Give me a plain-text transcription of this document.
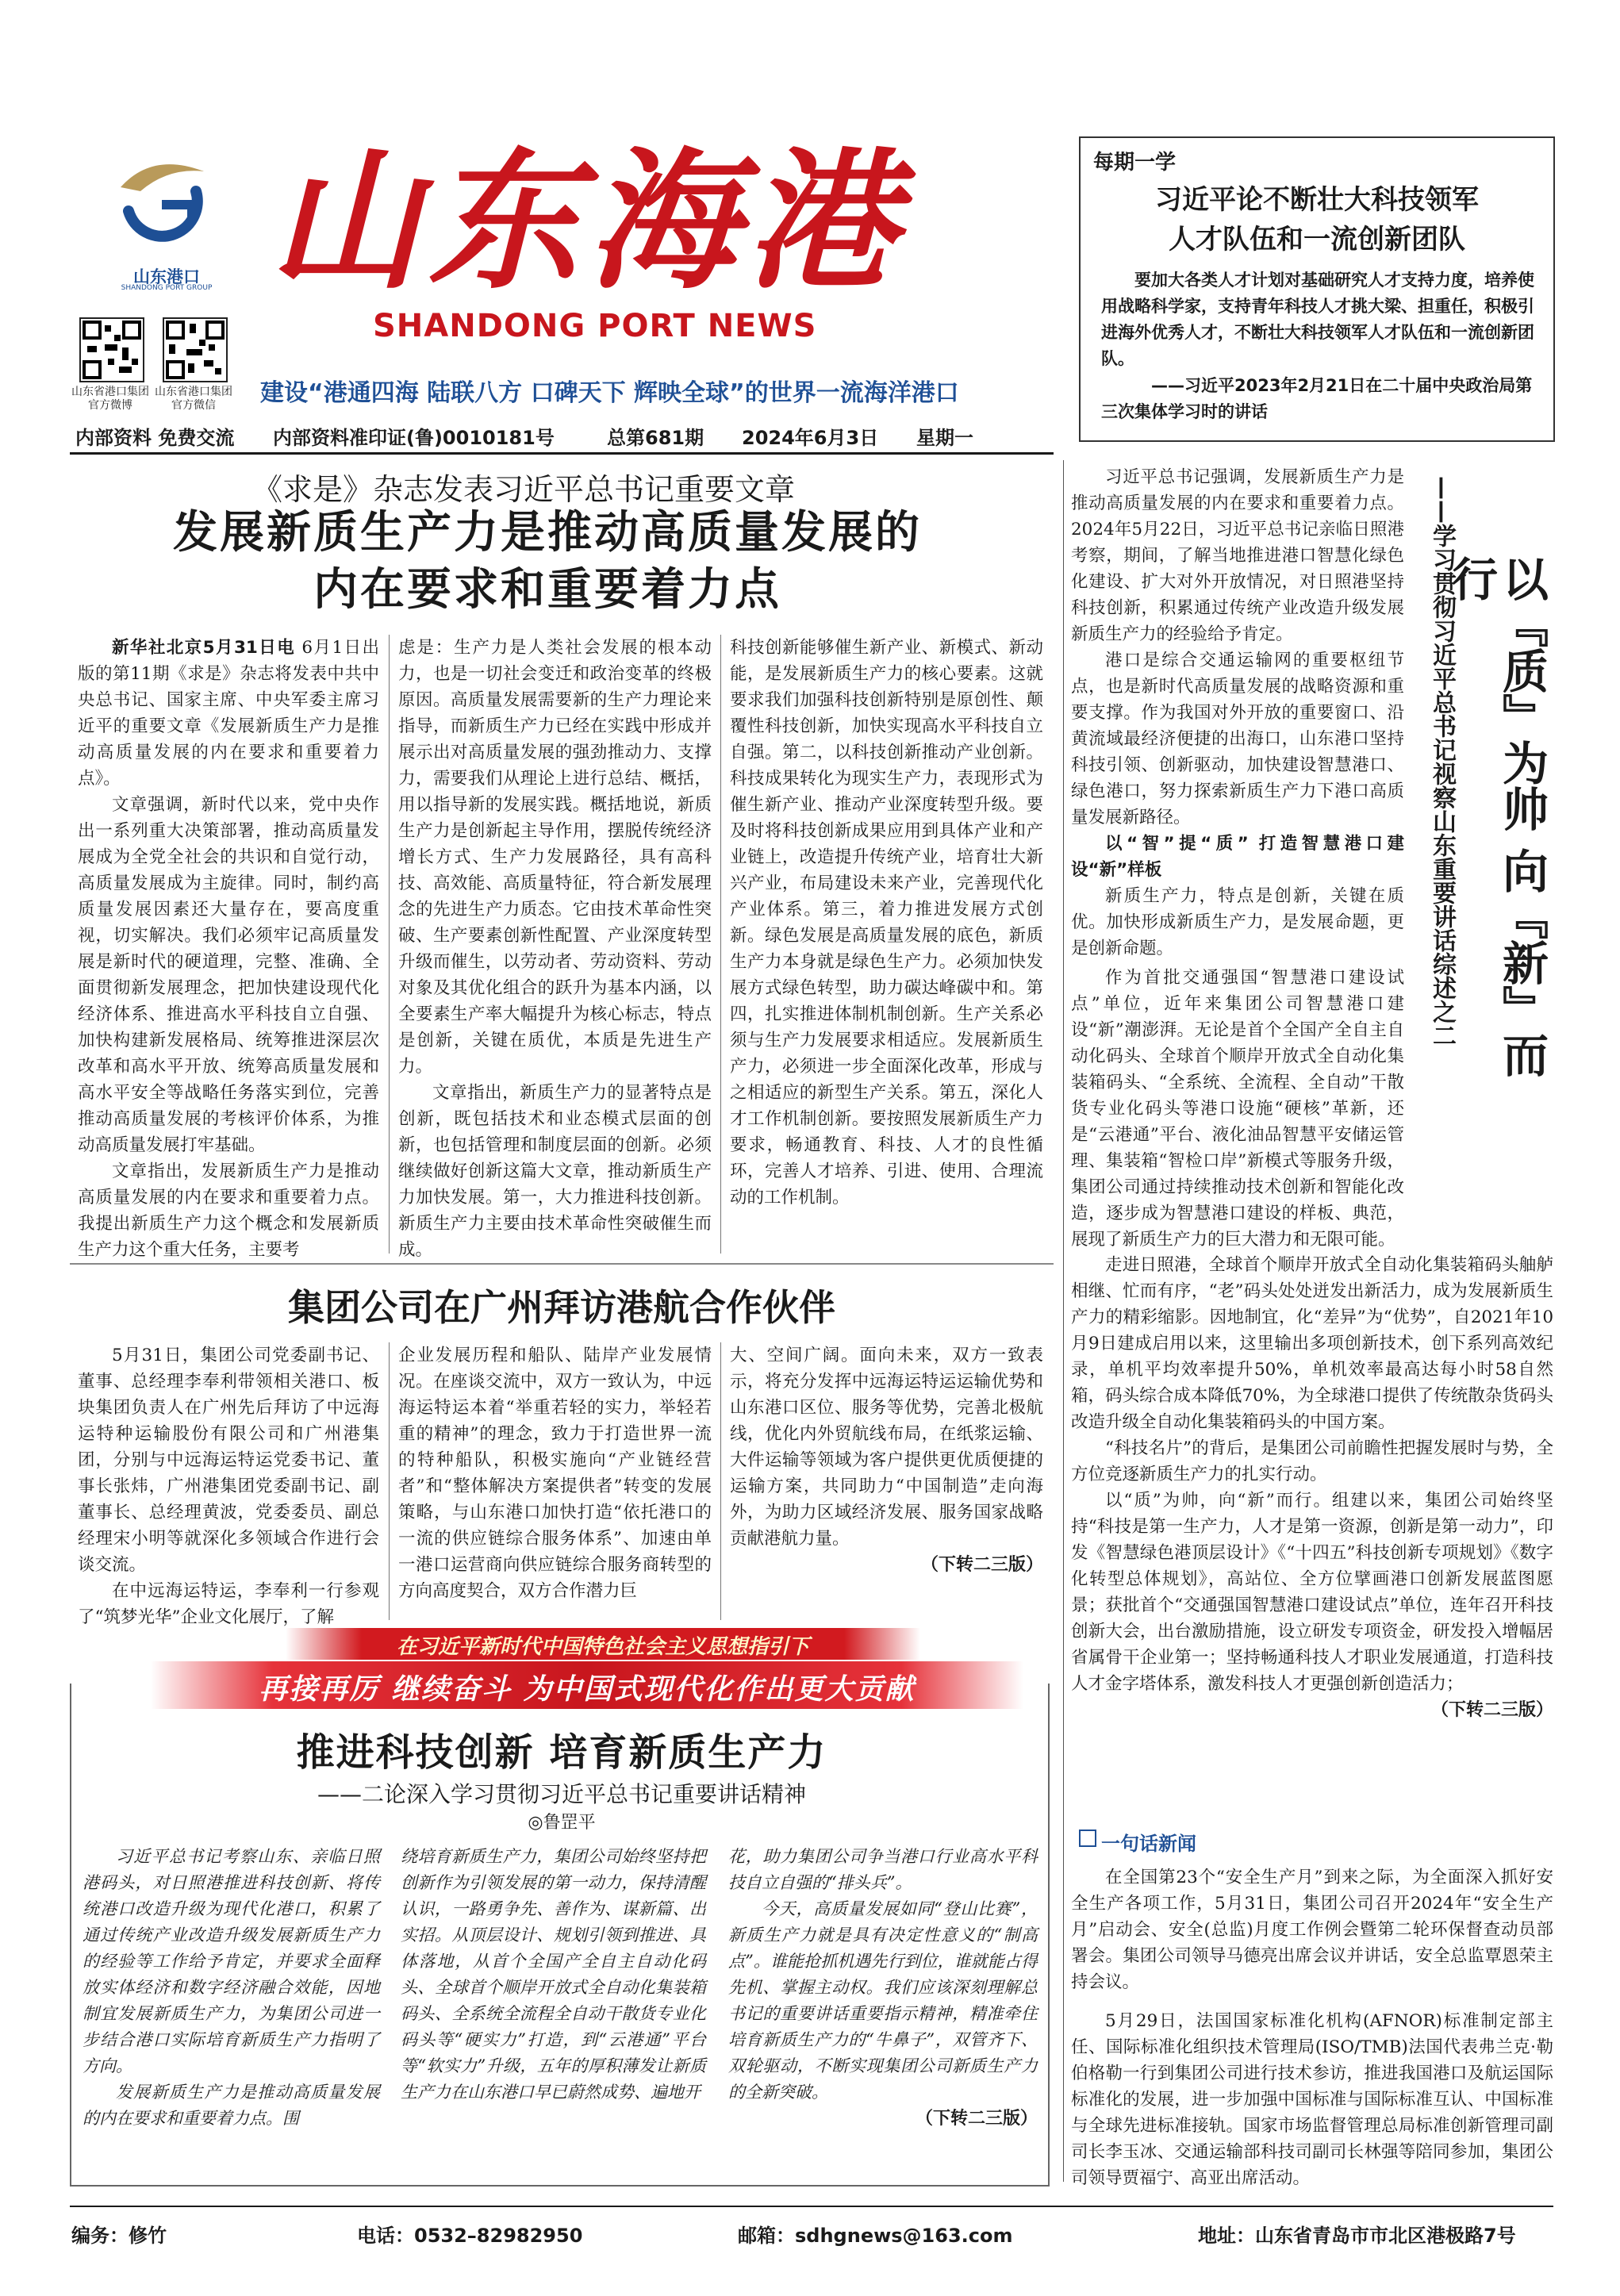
山东港口
SHANDONG PORT GROUP 山东海港
SHANDONG PORT NEWS
山东省港口集团官方微博
山东省港口集团官方微信	建设“港通四海 陆联八方 口碑天下 辉映全球”的世界一流海洋港口
内部资料 免费交流 内部资料准印证(鲁)0010181号	总第681期 2024年6月3日 星期一
每期一学
习近平论不断壮大科技领军
人才队伍和一流创新团队
要加大各类人才计划对基础研究人才支持力度，培养使用战略科学家，支持青年科技人才挑大梁、担重任，积极引进海外优秀人才，不断壮大科技领军人才队伍和一流创新团队。
——习近平2023年2月21日在二十届中央政治局第三次集体学习时的讲话
《求是》杂志发表习近平总书记重要文章
发展新质生产力是推动高质量发展的
内在要求和重要着力点

新华社北京5月31日电 6月1日出版的第11期《求是》杂志将发表中共中央总书记、国家主席、中央军委主席习近平的重要文章《发展新质生产力是推动高质量发展的内在要求和重要着力点》。

文章强调，新时代以来，党中央作出一系列重大决策部署，推动高质量发展成为全党全社会的共识和自觉行动，高质量发展成为主旋律。同时，制约高质量发展因素还大量存在，要高度重视，切实解决。我们必须牢记高质量发展是新时代的硬道理，完整、准确、全面贯彻新发展理念，把加快建设现代化经济体系、推进高水平科技自立自强、加快构建新发展格局、统筹推进深层次改革和高水平开放、统筹高质量发展和高水平安全等战略任务落实到位，完善推动高质量发展的考核评价体系，为推动高质量发展打牢基础。

文章指出，发展新质生产力是推动高质量发展的内在要求和重要着力点。我提出新质生产力这个概念和发展新质生产力这个重大任务，主要考

虑是：生产力是人类社会发展的根本动力，也是一切社会变迁和政治变革的终极原因。高质量发展需要新的生产力理论来指导，而新质生产力已经在实践中形成并展示出对高质量发展的强劲推动力、支撑力，需要我们从理论上进行总结、概括，用以指导新的发展实践。概括地说，新质生产力是创新起主导作用，摆脱传统经济增长方式、生产力发展路径，具有高科技、高效能、高质量特征，符合新发展理念的先进生产力质态。它由技术革命性突破、生产要素创新性配置、产业深度转型升级而催生，以劳动者、劳动资料、劳动对象及其优化组合的跃升为基本内涵，以全要素生产率大幅提升为核心标志，特点是创新，关键在质优，本质是先进生产力。

文章指出，新质生产力的显著特点是创新，既包括技术和业态模式层面的创新，也包括管理和制度层面的创新。必须继续做好创新这篇大文章，推动新质生产力加快发展。第一，大力推进科技创新。新质生产力主要由技术革命性突破催生而成。

科技创新能够催生新产业、新模式、新动能，是发展新质生产力的核心要素。这就要求我们加强科技创新特别是原创性、颠覆性科技创新，加快实现高水平科技自立自强。第二，以科技创新推动产业创新。科技成果转化为现实生产力，表现形式为催生新产业、推动产业深度转型升级。要及时将科技创新成果应用到具体产业和产业链上，改造提升传统产业，培育壮大新兴产业，布局建设未来产业，完善现代化产业体系。第三，着力推进发展方式创新。绿色发展是高质量发展的底色，新质生产力本身就是绿色生产力。必须加快发展方式绿色转型，助力碳达峰碳中和。第四，扎实推进体制机制创新。生产关系必须与生产力发展要求相适应。发展新质生产力，必须进一步全面深化改革，形成与之相适应的新型生产关系。第五，深化人才工作机制创新。要按照发展新质生产力要求，畅通教育、科技、人才的良性循环，完善人才培养、引进、使用、合理流动的工作机制。

习近平总书记强调，发展新质生产力是推动高质量发展的内在要求和重要着力点。2024年5月22日，习近平总书记亲临日照港考察，期间，了解当地推进港口智慧化绿色化建设、扩大对外开放情况，对日照港坚持科技创新，积累通过传统产业改造升级发展新质生产力的经验给予肯定。

港口是综合交通运输网的重要枢纽节点，也是新时代高质量发展的战略资源和重要支撑。作为我国对外开放的重要窗口、沿黄流域最经济便捷的出海口，山东港口坚持科技引领、创新驱动，加快建设智慧港口、绿色港口，努力探索新质生产力下港口高质量发展新路径。

以“智”提“质” 打造智慧港口建设“新”样板

新质生产力，特点是创新，关键在质优。加快形成新质生产力，是发展命题，更是创新命题。

作为首批交通强国“智慧港口建设试点”单位，近年来集团公司智慧港口建设“新”潮澎湃。无论是首个全国产全自主自动化码头、全球首个顺岸开放式全自动化集装箱码头、“全系统、全流程、全自动”干散货专业化码头等港口设施“硬核”革新，还是“云港通”平台、液化油品智慧平安储运管理、集装箱“智检口岸”新模式等服务升级，集团公司通过持续推动技术创新和智能化改造，逐步成为智慧港口建设的样板、典范，展现了新质生产力的巨大潜力和无限可能。

——学习贯彻习近平总书记视察山东重要讲话综述之二 以『质』为帅 向『新』而行

走进日照港，全球首个顺岸开放式全自动化集装箱码头舳舻相继、忙而有序，“老”码头处处迸发出新活力，成为发展新质生产力的精彩缩影。因地制宜，化“差异”为“优势”，自2021年10月9日建成启用以来，这里输出多项创新技术，创下系列高效纪录，单机平均效率提升50%，单机效率最高达每小时58自然箱，码头综合成本降低70%，为全球港口提供了传统散杂货码头改造升级全自动化集装箱码头的中国方案。

“科技名片”的背后，是集团公司前瞻性把握发展时与势，全方位竞逐新质生产力的扎实行动。

以“质”为帅，向“新”而行。组建以来，集团公司始终坚持“科技是第一生产力，人才是第一资源，创新是第一动力”，印发《智慧绿色港顶层设计》《“十四五”科技创新专项规划》《数字化转型总体规划》，高站位、全方位擘画港口创新发展蓝图愿景；获批首个“交通强国智慧港口建设试点”单位，连年召开科技创新大会，出台激励措施，设立研发专项资金，研发投入增幅居省属骨干企业第一；坚持畅通科技人才职业发展通道，打造科技人才金字塔体系，激发科技人才更强创新创造活力；

（下转二三版）

集团公司在广州拜访港航合作伙伴

5月31日，集团公司党委副书记、董事、总经理李奉利带领相关港口、板块集团负责人在广州先后拜访了中远海运特种运输股份有限公司和广州港集团，分别与中远海运特运党委书记、董事长张炜，广州港集团党委副书记、副董事长、总经理黄波，党委委员、副总经理宋小明等就深化多领域合作进行会谈交流。

在中远海运特运，李奉利一行参观了“筑梦光华”企业文化展厅，了解

企业发展历程和船队、陆岸产业发展情况。在座谈交流中，双方一致认为，中远海运特运本着“举重若轻的实力，举轻若重的精神”的理念，致力于打造世界一流的特种船队，积极实施向“产业链经营者”和“整体解决方案提供者”转变的发展策略，与山东港口加快打造“依托港口的一流的供应链综合服务体系”、加速由单一港口运营商向供应链综合服务商转型的方向高度契合，双方合作潜力巨

大、空间广阔。面向未来，双方一致表示，将充分发挥中远海运特运运输优势和山东港口区位、服务等优势，完善北极航线，优化内外贸航线布局，在纸浆运输、大件运输等领域为客户提供更优质便捷的运输方案，共同助力“中国制造”走向海外，为助力区域经济发展、服务国家战略贡献港航力量。

（下转二三版）

在习近平新时代中国特色社会主义思想指引下
再接再厉 继续奋斗 为中国式现代化作出更大贡献
推进科技创新 培育新质生产力
——二论深入学习贯彻习近平总书记重要讲话精神
◎鲁罡平

习近平总书记考察山东、亲临日照港码头，对日照港推进科技创新、将传统港口改造升级为现代化港口，积累了通过传统产业改造升级发展新质生产力的经验等工作给予肯定，并要求全面释放实体经济和数字经济融合效能，因地制宜发展新质生产力，为集团公司进一步结合港口实际培育新质生产力指明了方向。

发展新质生产力是推动高质量发展的内在要求和重要着力点。围

绕培育新质生产力，集团公司始终坚持把创新作为引领发展的第一动力，保持清醒认识，一路勇争先、善作为、谋新篇、出实招。从顶层设计、规划引领到推进、具体落地，从首个全国产全自主自动化码头、全球首个顺岸开放式全自动化集装箱码头、全系统全流程全自动干散货专业化码头等“硬实力”打造，到“云港通”平台等“软实力”升级，五年的厚积薄发让新质生产力在山东港口早已蔚然成势、遍地开

花，助力集团公司争当港口行业高水平科技自立自强的“排头兵”。

今天，高质量发展如同“登山比赛”，新质生产力就是具有决定性意义的“制高点”。谁能抢抓机遇先行到位，谁就能占得先机、掌握主动权。我们应该深刻理解总书记的重要讲话重要指示精神，精准牵住培育新质生产力的“牛鼻子”，双管齐下、双轮驱动，不断实现集团公司新质生产力的全新突破。

（下转二三版）

一句话新闻

在全国第23个“安全生产月”到来之际，为全面深入抓好安全生产各项工作，5月31日，集团公司召开2024年“安全生产月”启动会、安全(总监)月度工作例会暨第二轮环保督查动员部署会。集团公司领导马德亮出席会议并讲话，安全总监覃恩荣主持会议。

5月29日，法国国家标准化机构(AFNOR)标准制定部主任、国际标准化组织技术管理局(ISO/TMB)法国代表弗兰克·勒伯格勒一行到集团公司进行技术参访，推进我国港口及航运国际标准化的发展，进一步加强中国标准与国际标准互认、中国标准与全球先进标准接轨。国家市场监督管理总局标准创新管理司副司长李玉冰、交通运输部科技司副司长林强等陪同参加，集团公司领导贾福宁、高亚出席活动。

编务：修竹	电话：0532–82982950	邮箱：sdhgnews@163.com	地址：山东省青岛市市北区港极路7号
